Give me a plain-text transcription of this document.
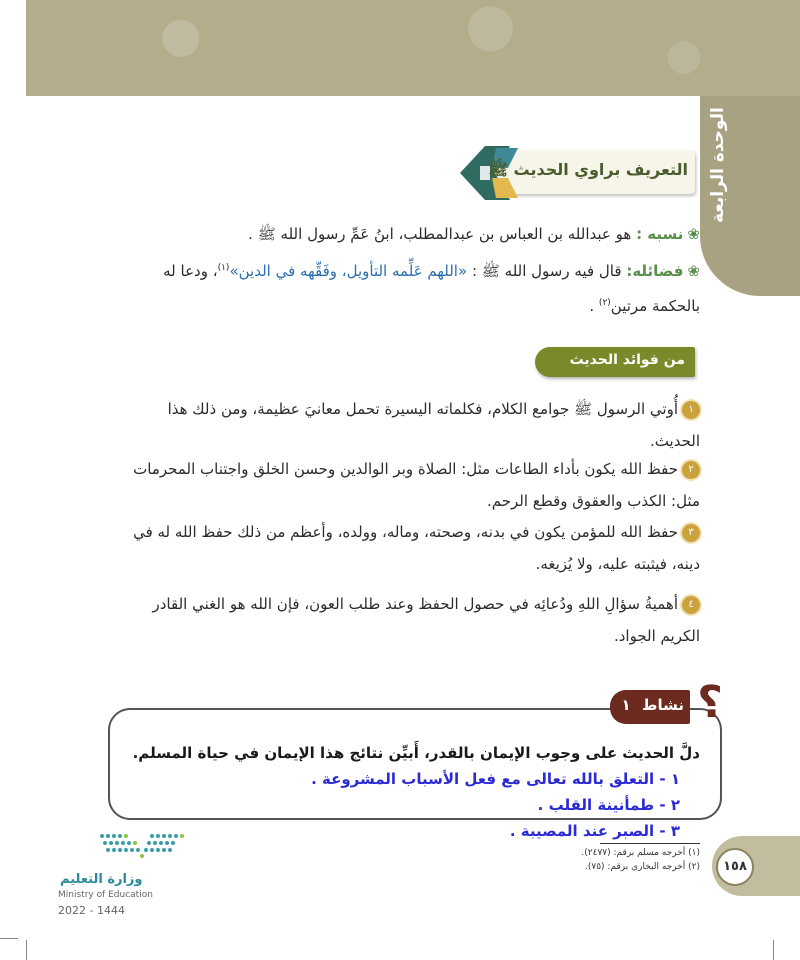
الوحدة الرابعة
التعريف براوي الحديث ﷺ
❀نسبه : هو عبدالله بن العباس بن عبدالمطلب، ابنُ عَمِّ رسول الله ﷺ .
❀فضائله: قال فيه رسول الله ﷺ : «اللهم عَلِّمه التأويل، وفَقِّهه في الدين»$^{(١)}$، ودعا له بالحكمة مرتين$^{(٢)}$ .
من فوائد الحديث
١أُوتي الرسول ﷺ جوامع الكلام، فكلماته اليسيرة تحمل معانيَ عظيمة، ومن ذلك هذا الحديث.
٢حفظ الله يكون بأداء الطاعات مثل: الصلاة وبر الوالدين وحسن الخلق واجتناب المحرمات مثل: الكذب والعقوق وقطع الرحم.
٣حفظ الله للمؤمن يكون في بدنه، وصحته، وماله، وولده، وأعظم من ذلك حفظ الله له في دينه، فيثبته عليه، ولا يُزيغه.
٤أهميةُ سؤالِ اللهِ ودُعائِه في حصول الحفظ وعند طلب العون، فإن الله هو الغني القادر الكريم الجواد.
نشاط ١	؟
دلَّ الحديث على وجوب الإيمان بالقدر، أَبيِّن نتائج هذا الإيمان في حياة المسلم.
١ - التعلق بالله تعالى مع فعل الأسباب المشروعة .
٢ - طمأنينة القلب .
٣ - الصبر عند المصيبة .
(١) أخرجه مسلم برقم: (٢٤٧٧).
(٢) أخرجه البخاري برقم: (٧٥).	١٥٨
وزارة التعليم
Ministry of Education
2022 - 1444
